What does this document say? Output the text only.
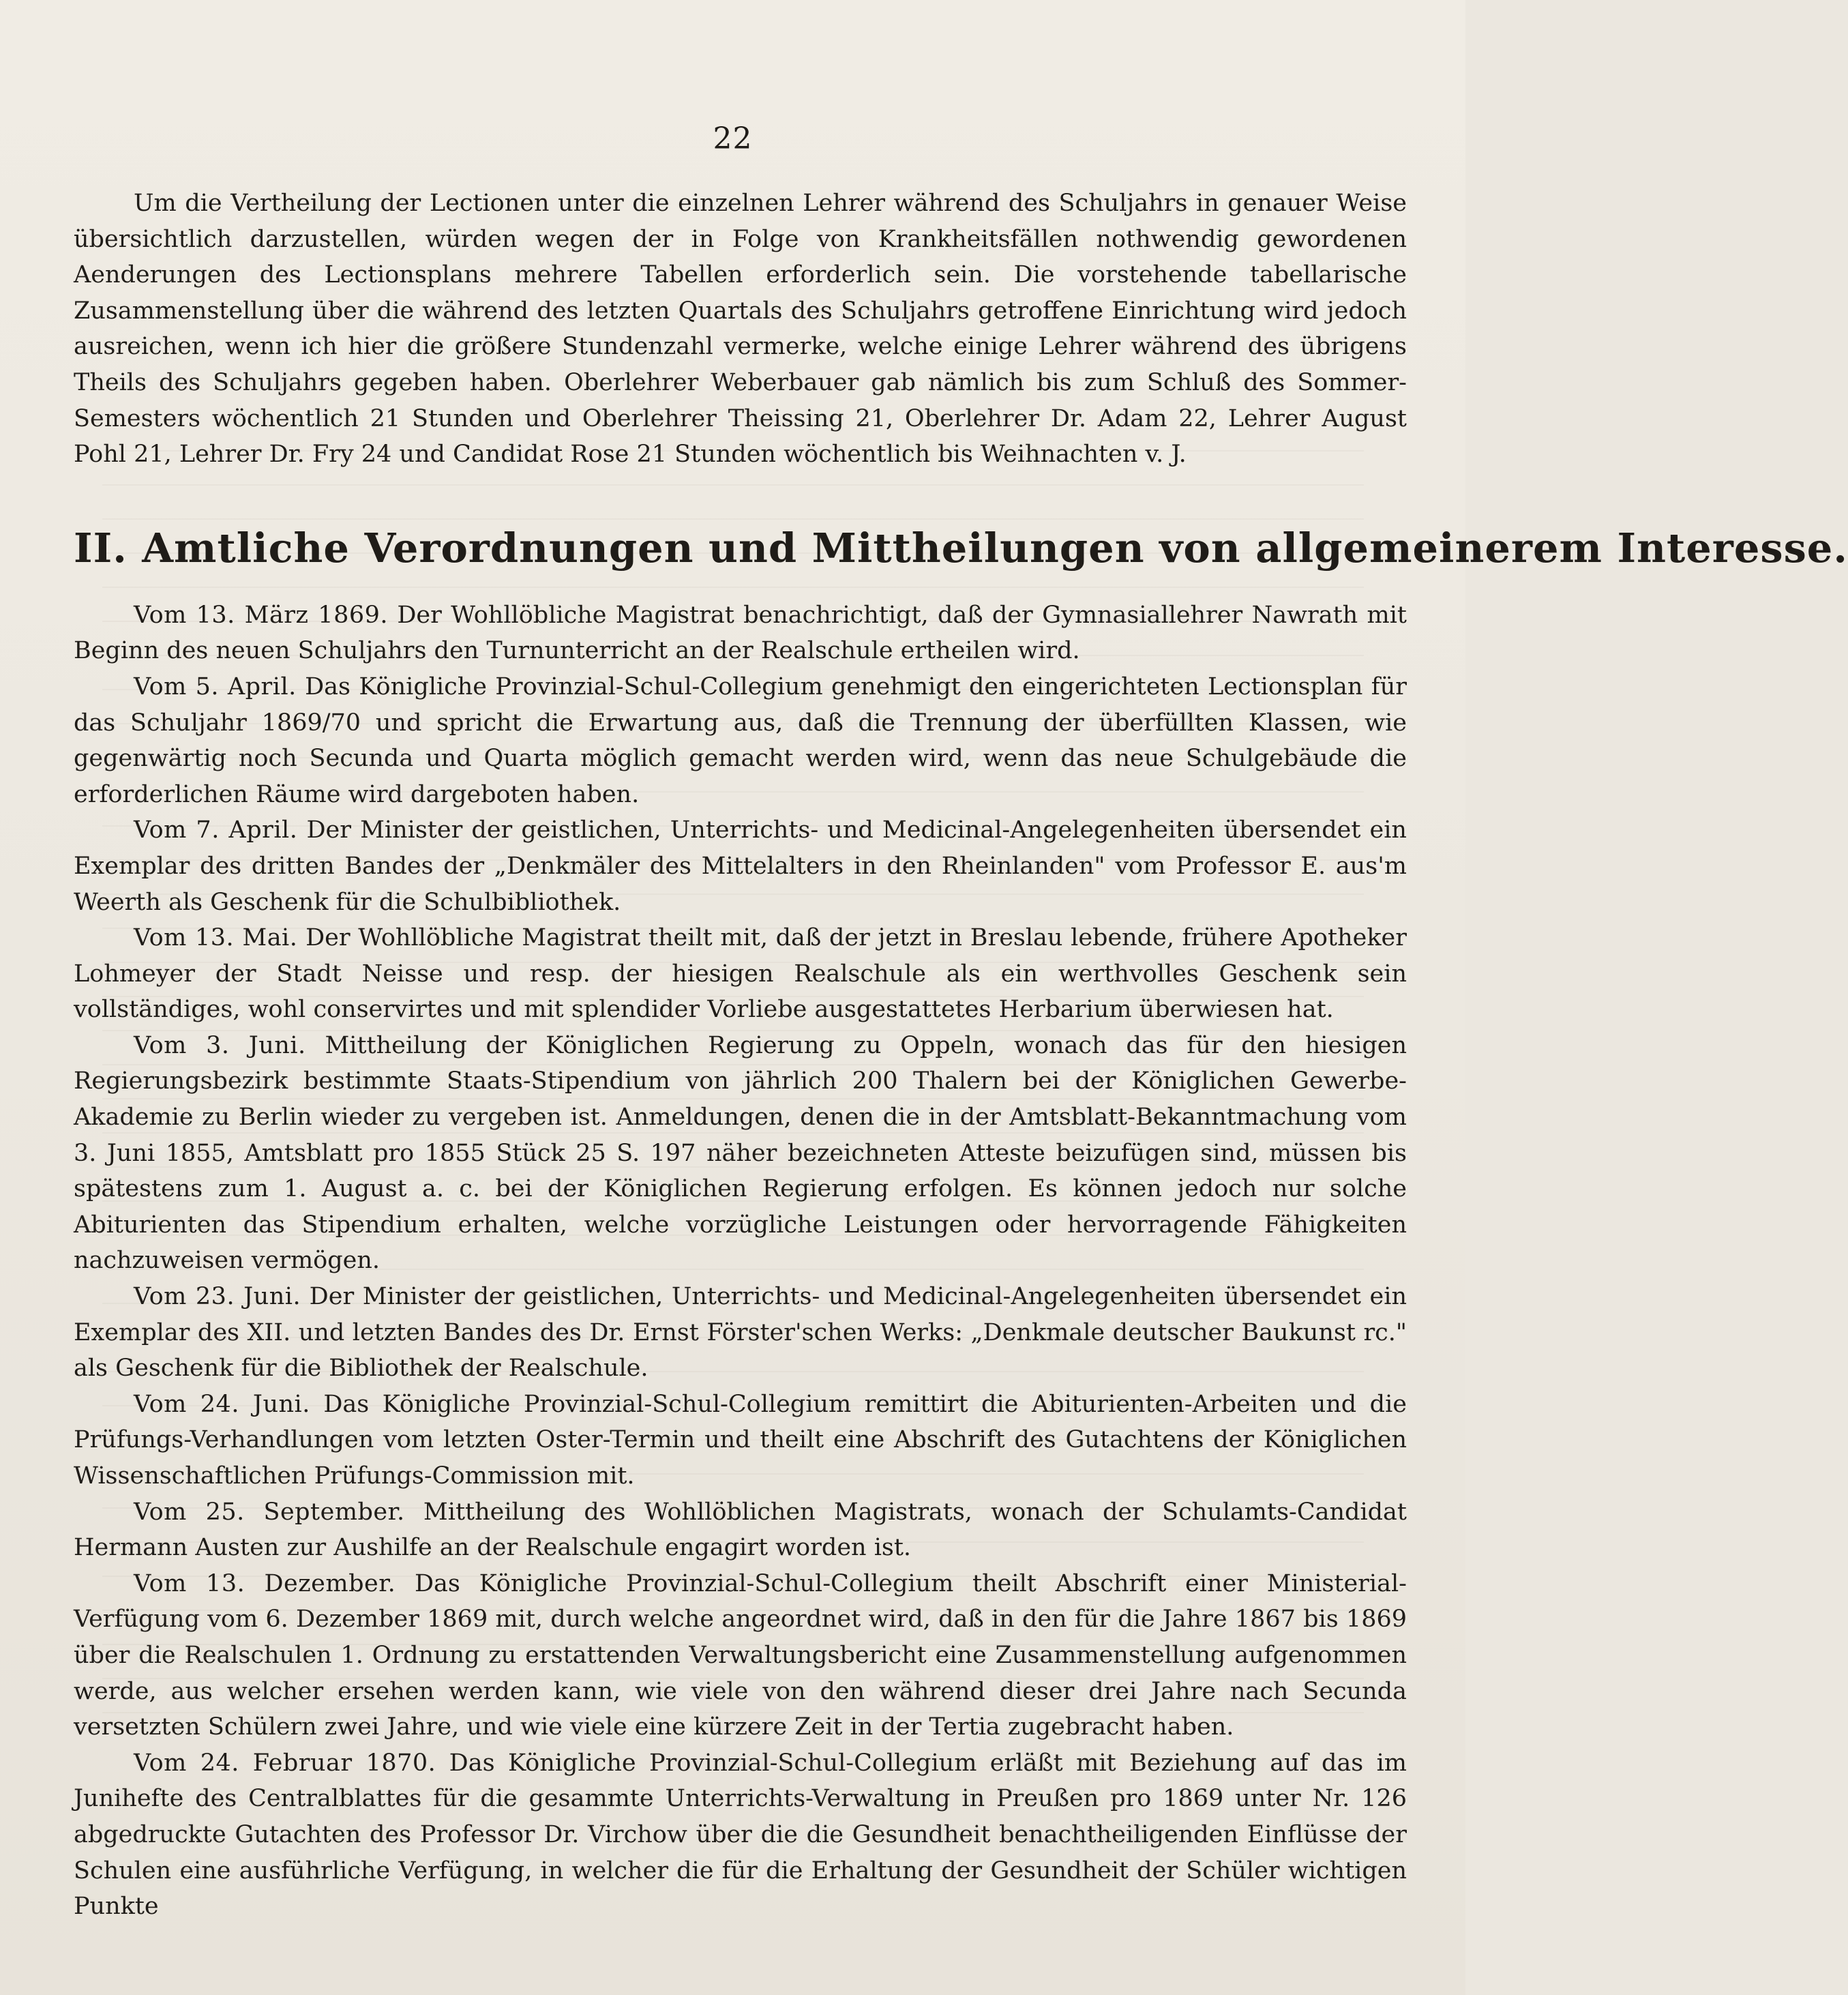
22

Um die Vertheilung der Lectionen unter die einzelnen Lehrer während des Schuljahrs in genauer Weise übersichtlich darzustellen, würden wegen der in Folge von Krankheitsfällen nothwendig gewordenen Aenderungen des Lectionsplans mehrere Tabellen erforderlich sein. Die vorstehende tabellarische Zusammenstellung über die während des letzten Quartals des Schuljahrs getroffene Einrichtung wird jedoch ausreichen, wenn ich hier die größere Stundenzahl vermerke, welche einige Lehrer während des übrigens Theils des Schuljahrs gegeben haben. Oberlehrer Weberbauer gab nämlich bis zum Schluß des Sommer-Semesters wöchentlich 21 Stunden und Oberlehrer Theissing 21, Oberlehrer Dr. Adam 22, Lehrer August Pohl 21, Lehrer Dr. Fry 24 und Candidat Rose 21 Stunden wöchentlich bis Weihnachten v. J.

II. Amtliche Verordnungen und Mittheilungen von allgemeinerem Interesse.

Vom 13. März 1869. Der Wohllöbliche Magistrat benachrichtigt, daß der Gymnasiallehrer Nawrath mit Beginn des neuen Schuljahrs den Turnunterricht an der Realschule ertheilen wird.

Vom 5. April. Das Königliche Provinzial-Schul-Collegium genehmigt den eingerichteten Lectionsplan für das Schuljahr 1869/70 und spricht die Erwartung aus, daß die Trennung der überfüllten Klassen, wie gegenwärtig noch Secunda und Quarta möglich gemacht werden wird, wenn das neue Schulgebäude die erforderlichen Räume wird dargeboten haben.

Vom 7. April. Der Minister der geistlichen, Unterrichts- und Medicinal-Angelegenheiten übersendet ein Exemplar des dritten Bandes der „Denkmäler des Mittelalters in den Rheinlanden" vom Professor E. aus'm Weerth als Geschenk für die Schulbibliothek.

Vom 13. Mai. Der Wohllöbliche Magistrat theilt mit, daß der jetzt in Breslau lebende, frühere Apotheker Lohmeyer der Stadt Neisse und resp. der hiesigen Realschule als ein werthvolles Geschenk sein vollständiges, wohl conservirtes und mit splendider Vorliebe ausgestattetes Herbarium überwiesen hat.

Vom 3. Juni. Mittheilung der Königlichen Regierung zu Oppeln, wonach das für den hiesigen Regierungsbezirk bestimmte Staats-Stipendium von jährlich 200 Thalern bei der Königlichen Gewerbe-Akademie zu Berlin wieder zu vergeben ist. Anmeldungen, denen die in der Amtsblatt-Bekanntmachung vom 3. Juni 1855, Amtsblatt pro 1855 Stück 25 S. 197 näher bezeichneten Atteste beizufügen sind, müssen bis spätestens zum 1. August a. c. bei der Königlichen Regierung erfolgen. Es können jedoch nur solche Abiturienten das Stipendium erhalten, welche vorzügliche Leistungen oder hervorragende Fähigkeiten nachzuweisen vermögen.

Vom 23. Juni. Der Minister der geistlichen, Unterrichts- und Medicinal-Angelegenheiten übersendet ein Exemplar des XII. und letzten Bandes des Dr. Ernst Förster'schen Werks: „Denkmale deutscher Baukunst rc." als Geschenk für die Bibliothek der Realschule.

Vom 24. Juni. Das Königliche Provinzial-Schul-Collegium remittirt die Abiturienten-Arbeiten und die Prüfungs-Verhandlungen vom letzten Oster-Termin und theilt eine Abschrift des Gutachtens der Königlichen Wissenschaftlichen Prüfungs-Commission mit.

Vom 25. September. Mittheilung des Wohllöblichen Magistrats, wonach der Schulamts-Candidat Hermann Austen zur Aushilfe an der Realschule engagirt worden ist.

Vom 13. Dezember. Das Königliche Provinzial-Schul-Collegium theilt Abschrift einer Ministerial-Verfügung vom 6. Dezember 1869 mit, durch welche angeordnet wird, daß in den für die Jahre 1867 bis 1869 über die Realschulen 1. Ordnung zu erstattenden Verwaltungsbericht eine Zusammenstellung aufgenommen werde, aus welcher ersehen werden kann, wie viele von den während dieser drei Jahre nach Secunda versetzten Schülern zwei Jahre, und wie viele eine kürzere Zeit in der Tertia zugebracht haben.

Vom 24. Februar 1870. Das Königliche Provinzial-Schul-Collegium erläßt mit Beziehung auf das im Junihefte des Centralblattes für die gesammte Unterrichts-Verwaltung in Preußen pro 1869 unter Nr. 126 abgedruckte Gutachten des Professor Dr. Virchow über die die Gesundheit benachtheiligenden Einflüsse der Schulen eine ausführliche Verfügung, in welcher die für die Erhaltung der Gesundheit der Schüler wichtigen Punkte
